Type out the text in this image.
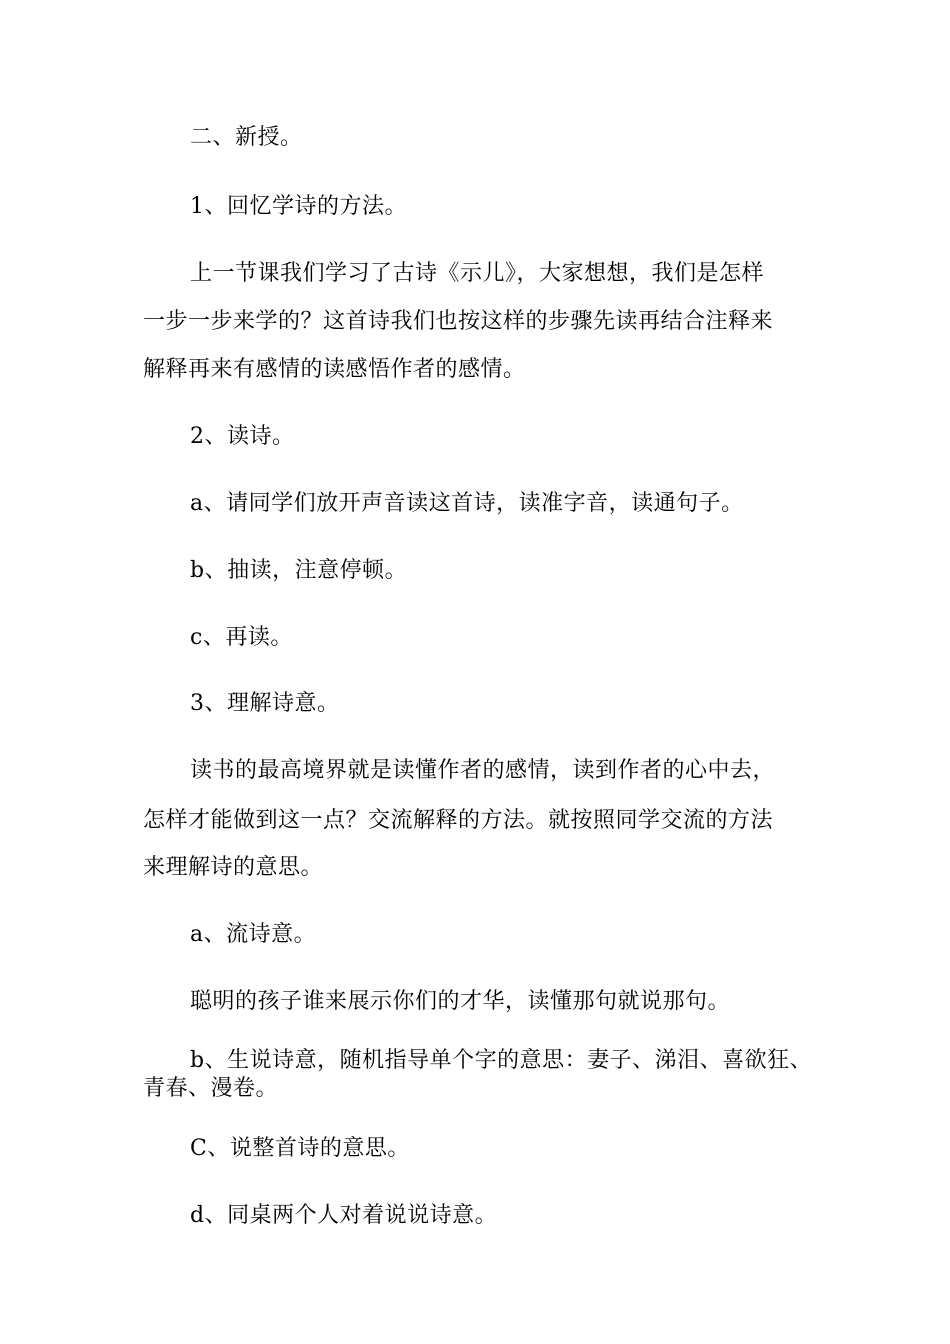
二、新授。
1、回忆学诗的方法。
上一节课我们学习了古诗《示儿》，大家想想，我们是怎样
一步一步来学的？这首诗我们也按这样的步骤先读再结合注释来
解释再来有感情的读感悟作者的感情。
2、读诗。
a、请同学们放开声音读这首诗，读准字音，读通句子。
b、抽读，注意停顿。
c、再读。
3、理解诗意。
读书的最高境界就是读懂作者的感情，读到作者的心中去，
怎样才能做到这一点？交流解释的方法。就按照同学交流的方法
来理解诗的意思。
a、流诗意。
聪明的孩子谁来展示你们的才华，读懂那句就说那句。
b、生说诗意，随机指导单个字的意思：妻子、涕泪、喜欲狂、
青春、漫卷。
C、说整首诗的意思。
d、同桌两个人对着说说诗意。
